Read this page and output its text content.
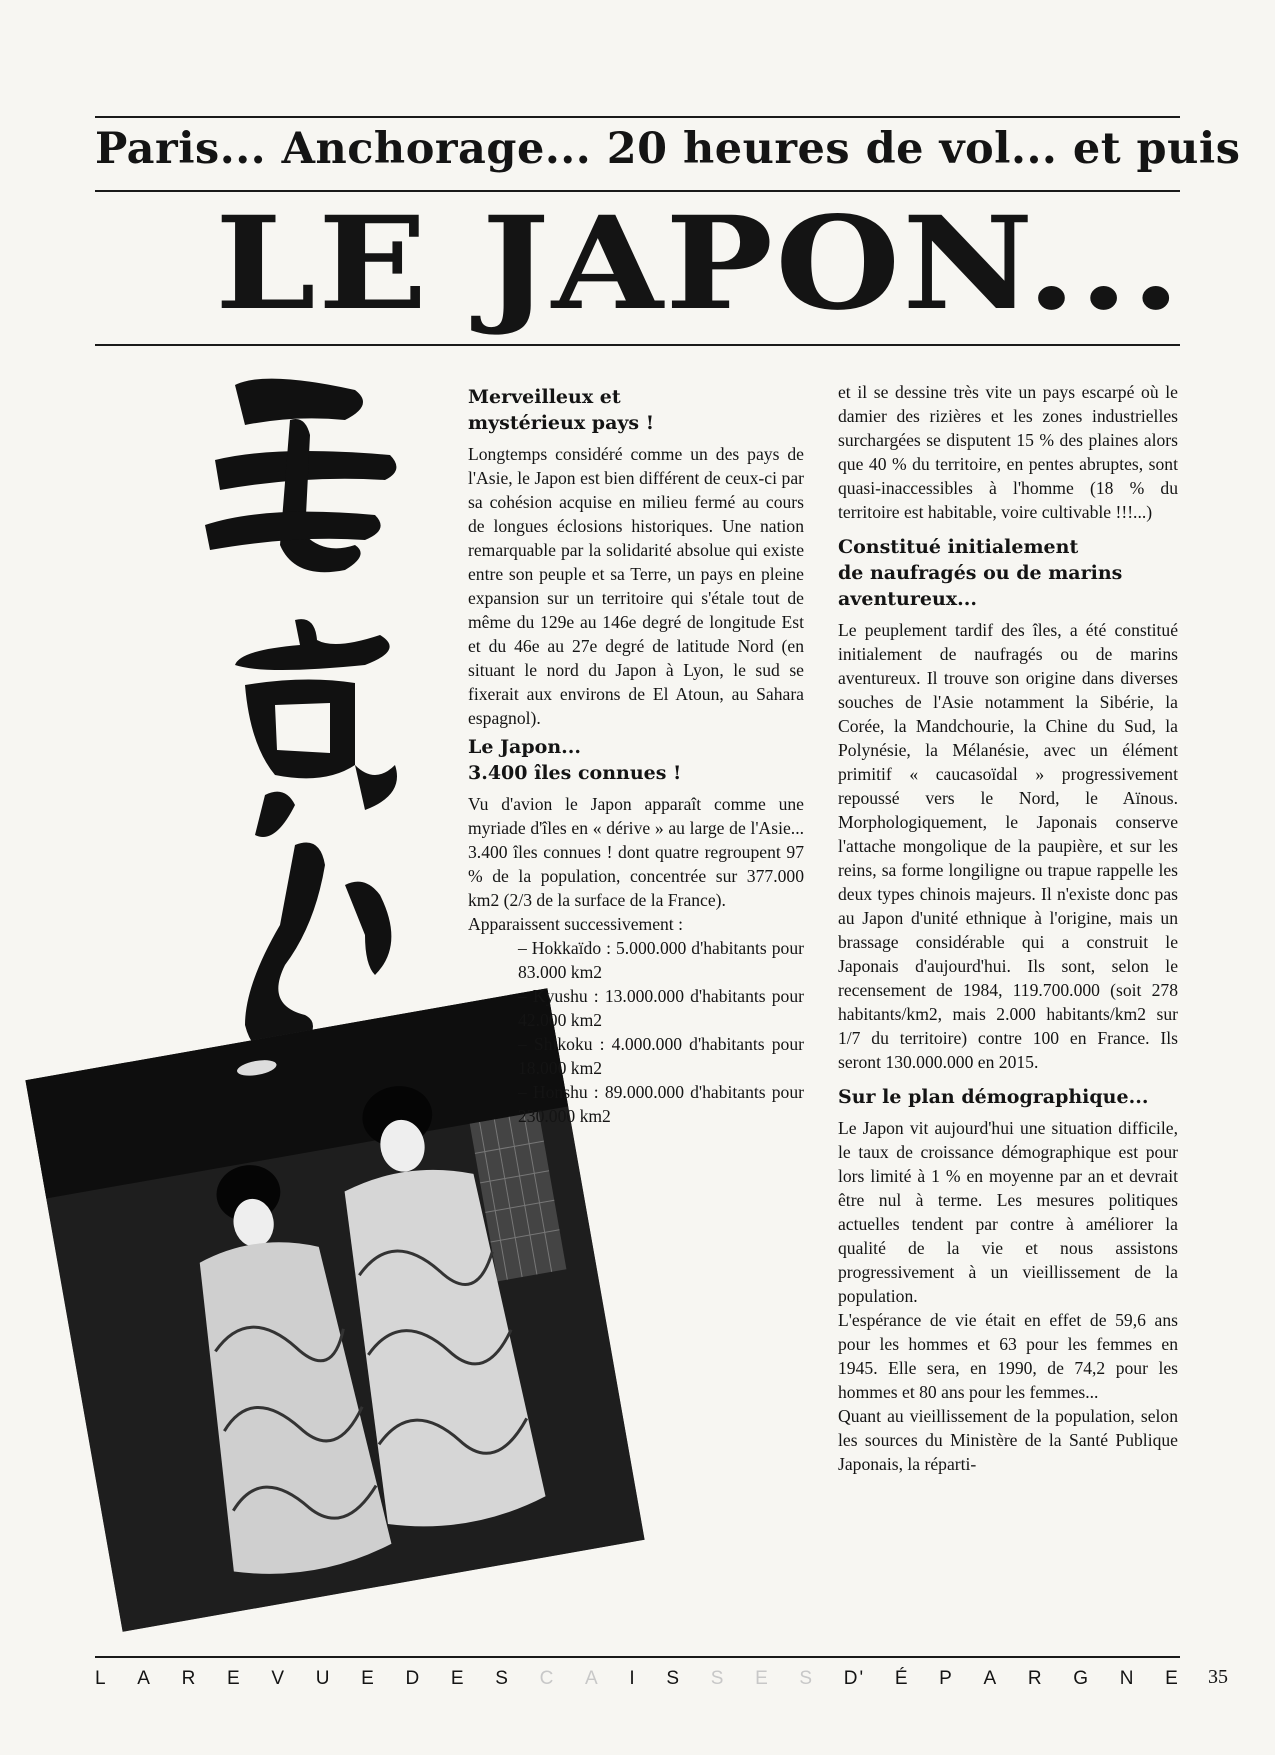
Paris... Anchorage... 20 heures de vol... et puis
LE JAPON...
Merveilleux et
mystérieux pays !

Longtemps considéré comme un des pays de l'Asie, le Japon est bien différent de ceux-ci par sa cohésion acquise en milieu fermé au cours de longues éclosions historiques. Une nation remarquable par la solidarité absolue qui existe entre son peuple et sa Terre, un pays en pleine expansion sur un territoire qui s'étale tout de même du 129e au 146e degré de longitude Est et du 46e au 27e degré de latitude Nord (en situant le nord du Japon à Lyon, le sud se fixerait aux environs de El Atoun, au Sahara espagnol).

Le Japon...
3.400 îles connues !

Vu d'avion le Japon apparaît comme une myriade d'îles en « dérive » au large de l'Asie... 3.400 îles connues ! dont quatre regroupent 97 % de la population, concentrée sur 377.000 km2 (2/3 de la surface de la France).

Apparaissent successivement :

– Hokkaïdo : 5.000.000 d'habitants pour 83.000 km2
– Kyushu : 13.000.000 d'habitants pour 42.000 km2
– Shikoku : 4.000.000 d'habitants pour 18.000 km2
– Honshu : 89.000.000 d'habitants pour 230.000 km2

et il se dessine très vite un pays escarpé où le damier des rizières et les zones industrielles surchargées se disputent 15 % des plaines alors que 40 % du territoire, en pentes abruptes, sont quasi-inaccessibles à l'homme (18 % du territoire est habitable, voire cultivable !!!...)

Constitué initialement
de naufragés ou de marins
aventureux...

Le peuplement tardif des îles, a été constitué initialement de naufragés ou de marins aventureux. Il trouve son origine dans diverses souches de l'Asie notamment la Sibérie, la Corée, la Mandchourie, la Chine du Sud, la Polynésie, la Mélanésie, avec un élément primitif « caucasoïdal » progressivement repoussé vers le Nord, le Aïnous. Morphologiquement, le Japonais conserve l'attache mongolique de la paupière, et sur les reins, sa forme longiligne ou trapue rappelle les deux types chinois majeurs. Il n'existe donc pas au Japon d'unité ethnique à l'origine, mais un brassage considérable qui a construit le Japonais d'aujourd'hui. Ils sont, selon le recensement de 1984, 119.700.000 (soit 278 habitants/km2, mais 2.000 habitants/km2 sur 1/7 du territoire) contre 100 en France. Ils seront 130.000.000 en 2015.

Sur le plan démographique...

Le Japon vit aujourd'hui une situation difficile, le taux de croissance démographique est pour lors limité à 1 % en moyenne par an et devrait être nul à terme. Les mesures politiques actuelles tendent par contre à améliorer la qualité de la vie et nous assistons progressivement à un vieillissement de la population.

L'espérance de vie était en effet de 59,6 ans pour les hommes et 63 pour les femmes en 1945. Elle sera, en 1990, de 74,2 pour les hommes et 80 ans pour les femmes...

Quant au vieillissement de la population, selon les sources du Ministère de la Santé Publique Japonais, la réparti-

L A R E V U E D E S C A I S S E S D' É P A R G N E 35
